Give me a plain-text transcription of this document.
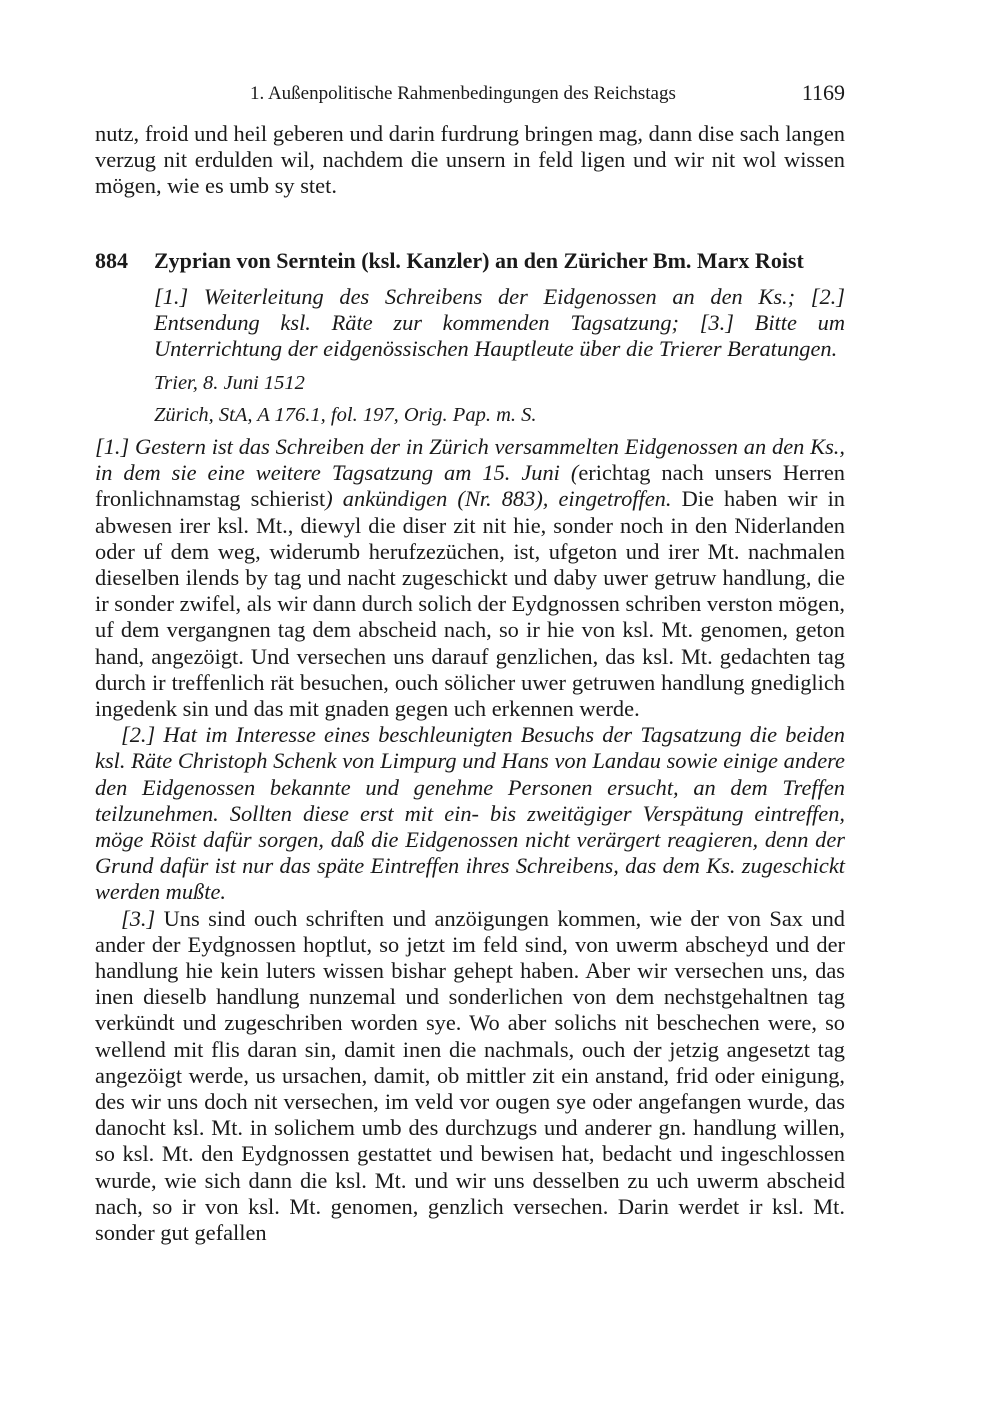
1. Außenpolitische Rahmenbedingungen des Reichstags	1169

nutz, froid und heil geberen und darin furdrung bringen mag, dann dise sach langen verzug nit erdulden wil, nachdem die unsern in feld ligen und wir nit wol wissen mögen, wie es umb sy stet.

884 Zyprian von Serntein (ksl. Kanzler) an den Züricher Bm. Marx Roist

[1.] Weiterleitung des Schreibens der Eidgenossen an den Ks.; [2.] Entsendung ksl. Räte zur kommenden Tagsatzung; [3.] Bitte um Unterrichtung der eidgenössischen Hauptleute über die Trierer Beratungen.

Trier, 8. Juni 1512

Zürich, StA, A 176.1, fol. 197, Orig. Pap. m. S.

[1.] Gestern ist das Schreiben der in Zürich versammelten Eidgenossen an den Ks., in dem sie eine weitere Tagsatzung am 15. Juni (erichtag nach unsers Herren fronlichnamstag schierist) ankündigen (Nr. 883), eingetroffen. Die haben wir in abwesen irer ksl. Mt., diewyl die diser zit nit hie, sonder noch in den Niderlanden oder uf dem weg, widerumb herufzezüchen, ist, ufgeton und irer Mt. nachmalen dieselben ilends by tag und nacht zugeschickt und daby uwer getruw handlung, die ir sonder zwifel, als wir dann durch solich der Eydgnossen schriben verston mögen, uf dem vergangnen tag dem abscheid nach, so ir hie von ksl. Mt. genomen, geton hand, angezöigt. Und versechen uns darauf genzlichen, das ksl. Mt. gedachten tag durch ir treffenlich rät besuchen, ouch sölicher uwer getruwen handlung gnediglich ingedenk sin und das mit gnaden gegen uch erkennen werde.

[2.] Hat im Interesse eines beschleunigten Besuchs der Tagsatzung die beiden ksl. Räte Christoph Schenk von Limpurg und Hans von Landau sowie einige andere den Eidgenossen bekannte und genehme Personen ersucht, an dem Treffen teilzunehmen. Sollten diese erst mit ein- bis zweitägiger Verspätung eintreffen, möge Röist dafür sorgen, daß die Eidgenossen nicht verärgert reagieren, denn der Grund dafür ist nur das späte Eintreffen ihres Schreibens, das dem Ks. zugeschickt werden mußte.

[3.] Uns sind ouch schriften und anzöigungen kommen, wie der von Sax und ander der Eydgnossen hoptlut, so jetzt im feld sind, von uwerm abscheyd und der handlung hie kein luters wissen bishar gehept haben. Aber wir versechen uns, das inen dieselb handlung nunzemal und sonderlichen von dem nechstgehaltnen tag verkündt und zugeschriben worden sye. Wo aber solichs nit beschechen were, so wellend mit flis daran sin, damit inen die nachmals, ouch der jetzig angesetzt tag angezöigt werde, us ursachen, damit, ob mittler zit ein anstand, frid oder einigung, des wir uns doch nit versechen, im veld vor ougen sye oder angefangen wurde, das danocht ksl. Mt. in solichem umb des durchzugs und anderer gn. handlung willen, so ksl. Mt. den Eydgnossen gestattet und bewisen hat, bedacht und ingeschlossen wurde, wie sich dann die ksl. Mt. und wir uns desselben zu uch uwerm abscheid nach, so ir von ksl. Mt. genomen, genzlich versechen. Darin werdet ir ksl. Mt. sonder gut gefallen
